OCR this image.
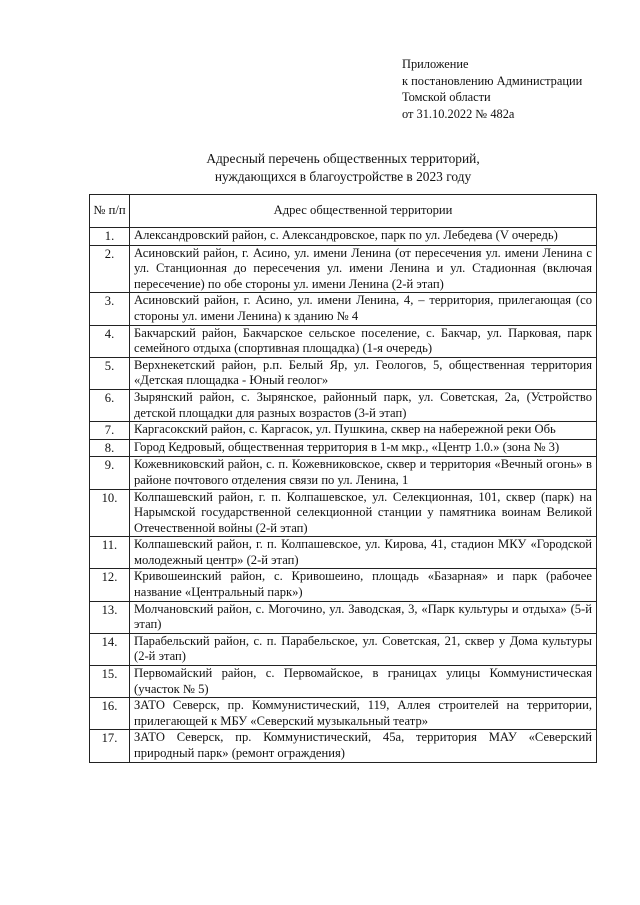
Приложение
к постановлению Администрации
Томской области
от 31.10.2022 № 482а
Адресный перечень общественных территорий,
нуждающихся в благоустройстве в 2023 году
№ п/п	Адрес общественной территории
1.	Александровский район, с. Александровское, парк по ул. Лебедева (V очередь)
2.	Асиновский район, г. Асино, ул. имени Ленина (от пересечения ул. имени Ленина с ул. Станционная до пересечения ул. имени Ленина и ул. Стадионная (включая пересечение) по обе стороны ул. имени Ленина (2-й этап)
3.	Асиновский район, г. Асино, ул. имени Ленина, 4, – территория, прилегающая (со стороны ул. имени Ленина) к зданию № 4
4.	Бакчарский район, Бакчарское сельское поселение, с. Бакчар, ул. Парковая, парк семейного отдыха (спортивная площадка) (1-я очередь)
5.	Верхнекетский район, р.п. Белый Яр, ул. Геологов, 5, общественная территория «Детская площадка - Юный геолог»
6.	Зырянский район, с. Зырянское, районный парк, ул. Советская, 2а, (Устройство детской площадки для разных возрастов (3-й этап)
7.	Каргасокский район, с. Каргасок, ул. Пушкина, сквер на набережной реки Обь
8.	Город Кедровый, общественная территория в 1-м мкр., «Центр 1.0.» (зона № 3)
9.	Кожевниковский район, с. п. Кожевниковское, сквер и территория «Вечный огонь» в районе почтового отделения связи по ул. Ленина, 1
10.	Колпашевский район, г. п. Колпашевское, ул. Селекционная, 101, сквер (парк) на Нарымской государственной селекционной станции у памятника воинам Великой Отечественной войны (2-й этап)
11.	Колпашевский район, г. п. Колпашевское, ул. Кирова, 41, стадион МКУ «Городской молодежный центр» (2-й этап)
12.	Кривошеинский район, с. Кривошеино, площадь «Базарная» и парк (рабочее название «Центральный парк»)
13.	Молчановский район, с. Могочино, ул. Заводская, 3, «Парк культуры и отдыха» (5-й этап)
14.	Парабельский район, с. п. Парабельское, ул. Советская, 21, сквер у Дома культуры (2-й этап)
15.	Первомайский район, с. Первомайское, в границах улицы Коммунистическая (участок № 5)
16.	ЗАТО Северск, пр. Коммунистический, 119, Аллея строителей на территории, прилегающей к МБУ «Северский музыкальный театр»
17.	ЗАТО Северск, пр. Коммунистический, 45а, территория МАУ «Северский природный парк» (ремонт ограждения)
